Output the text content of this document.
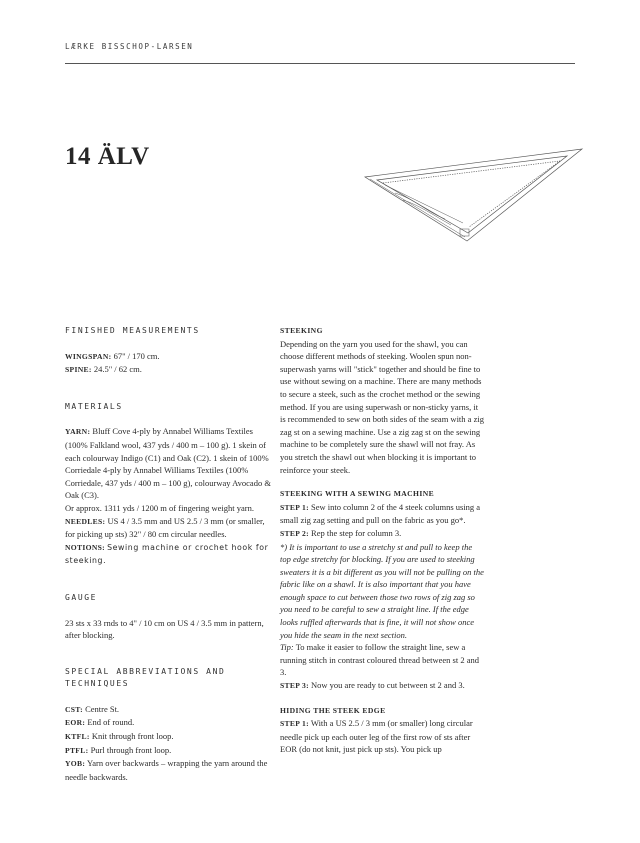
LÆRKE BISSCHOP-LARSEN
14 ÄLV
FINISHED MEASUREMENTS

WINGSPAN: 67" / 170 cm.

SPINE: 24.5" / 62 cm.

MATERIALS

YARN: Bluff Cove 4-ply by Annabel Williams Textiles (100% Falkland wool, 437 yds / 400 m – 100 g). 1 skein of each colourway Indigo (C1) and Oak (C2). 1 skein of 100% Corriedale 4-ply by Annabel Williams Textiles (100% Corriedale, 437 yds / 400 m – 100 g), colourway Avocado & Oak (C3).

Or approx. 1311 yds / 1200 m of fingering weight yarn.

NEEDLES: US 4 / 3.5 mm and US 2.5 / 3 mm (or smaller, for picking up sts) 32" / 80 cm circular needles.

NOTIONS: Sewing machine or crochet hook for steeking.

GAUGE

23 sts x 33 rnds to 4" / 10 cm on US 4 / 3.5 mm in pattern, after blocking.

SPECIAL ABBREVIATIONS AND
TECHNIQUES

CST: Centre St.

EOR: End of round.

KTFL: Knit through front loop.

PTFL: Purl through front loop.

YOB: Yarn over backwards – wrapping the yarn around the needle backwards.

STEEKING

Depending on the yarn you used for the shawl, you can choose different methods of steeking. Woolen spun non-superwash yarns will "stick" together and should be fine to use without sewing on a machine. There are many methods to secure a steek, such as the crochet method or the sewing method. If you are using superwash or non-sticky yarns, it is recommended to sew on both sides of the seam with a zig zag st on a sewing machine. Use a zig zag st on the sewing machine to be completely sure the shawl will not fray. As you stretch the shawl out when blocking it is important to reinforce your steek.

STEEKING WITH A SEWING MACHINE

STEP 1: Sew into column 2 of the 4 steek columns using a small zig zag setting and pull on the fabric as you go*.

STEP 2: Rep the step for column 3.

*) It is important to use a stretchy st and pull to keep the top edge stretchy for blocking. If you are used to steeking sweaters it is a bit different as you will not be pulling on the fabric like on a shawl. It is also important that you have enough space to cut between those two rows of zig zag so you need to be careful to sew a straight line. If the edge looks ruffled afterwards that is fine, it will not show once you hide the seam in the next section.

Tip: To make it easier to follow the straight line, sew a running stitch in contrast coloured thread between st 2 and 3.

STEP 3: Now you are ready to cut between st 2 and 3.

HIDING THE STEEK EDGE

STEP 1: With a US 2.5 / 3 mm (or smaller) long circular needle pick up each outer leg of the first row of sts after EOR (do not knit, just pick up sts). You pick up
